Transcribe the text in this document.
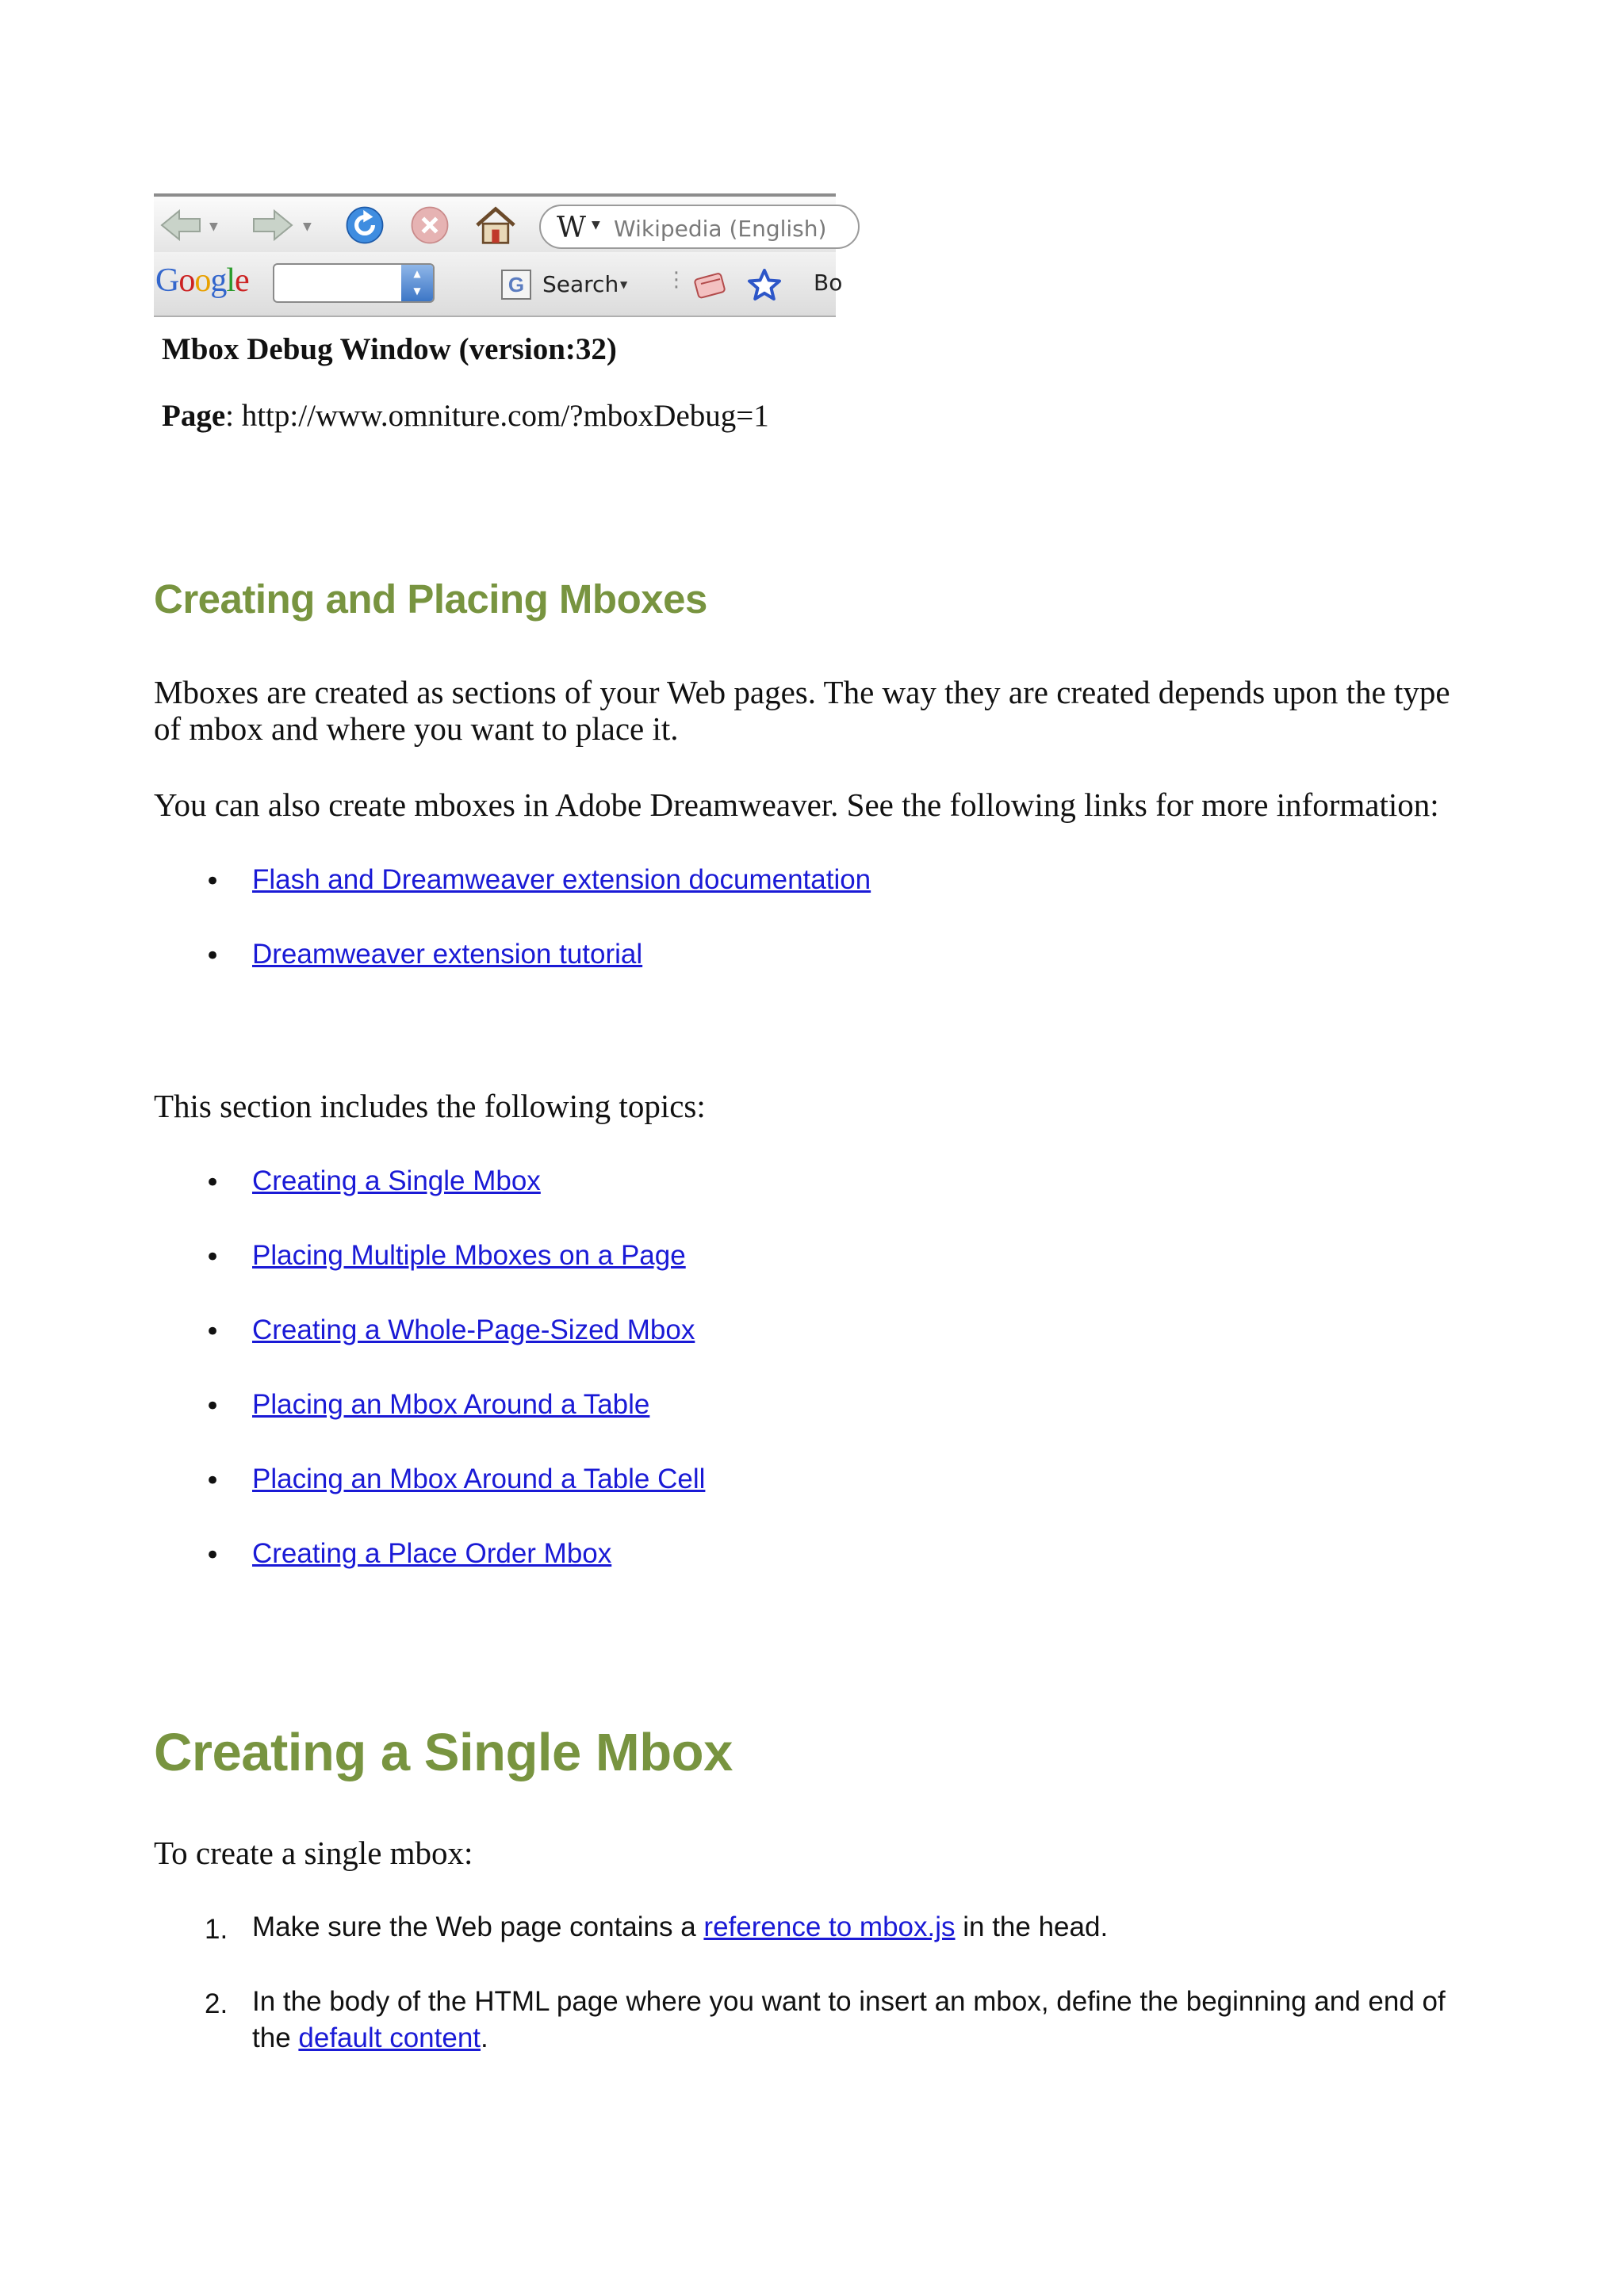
▼	▼	W ▼ Wikipedia (English)
Google	▲
▼	G Search ▼ ⋮	Bo
Mbox Debug Window (version:32)
Page: http://www.omniture.com/?mboxDebug=1
Creating and Placing Mboxes
Mboxes are created as sections of your Web pages. The way they are created depends upon the type
of mbox and where you want to place it.
You can also create mboxes in Adobe Dreamweaver. See the following links for more information:
• Flash and Dreamweaver extension documentation
• Dreamweaver extension tutorial
This section includes the following topics:
• Creating a Single Mbox
• Placing Multiple Mboxes on a Page
• Creating a Whole-Page-Sized Mbox
• Placing an Mbox Around a Table
• Placing an Mbox Around a Table Cell
• Creating a Place Order Mbox
Creating a Single Mbox
To create a single mbox:
1. Make sure the Web page contains a reference to mbox.js in the head.
2. In the body of the HTML page where you want to insert an mbox, define the beginning and end of
the default content.
